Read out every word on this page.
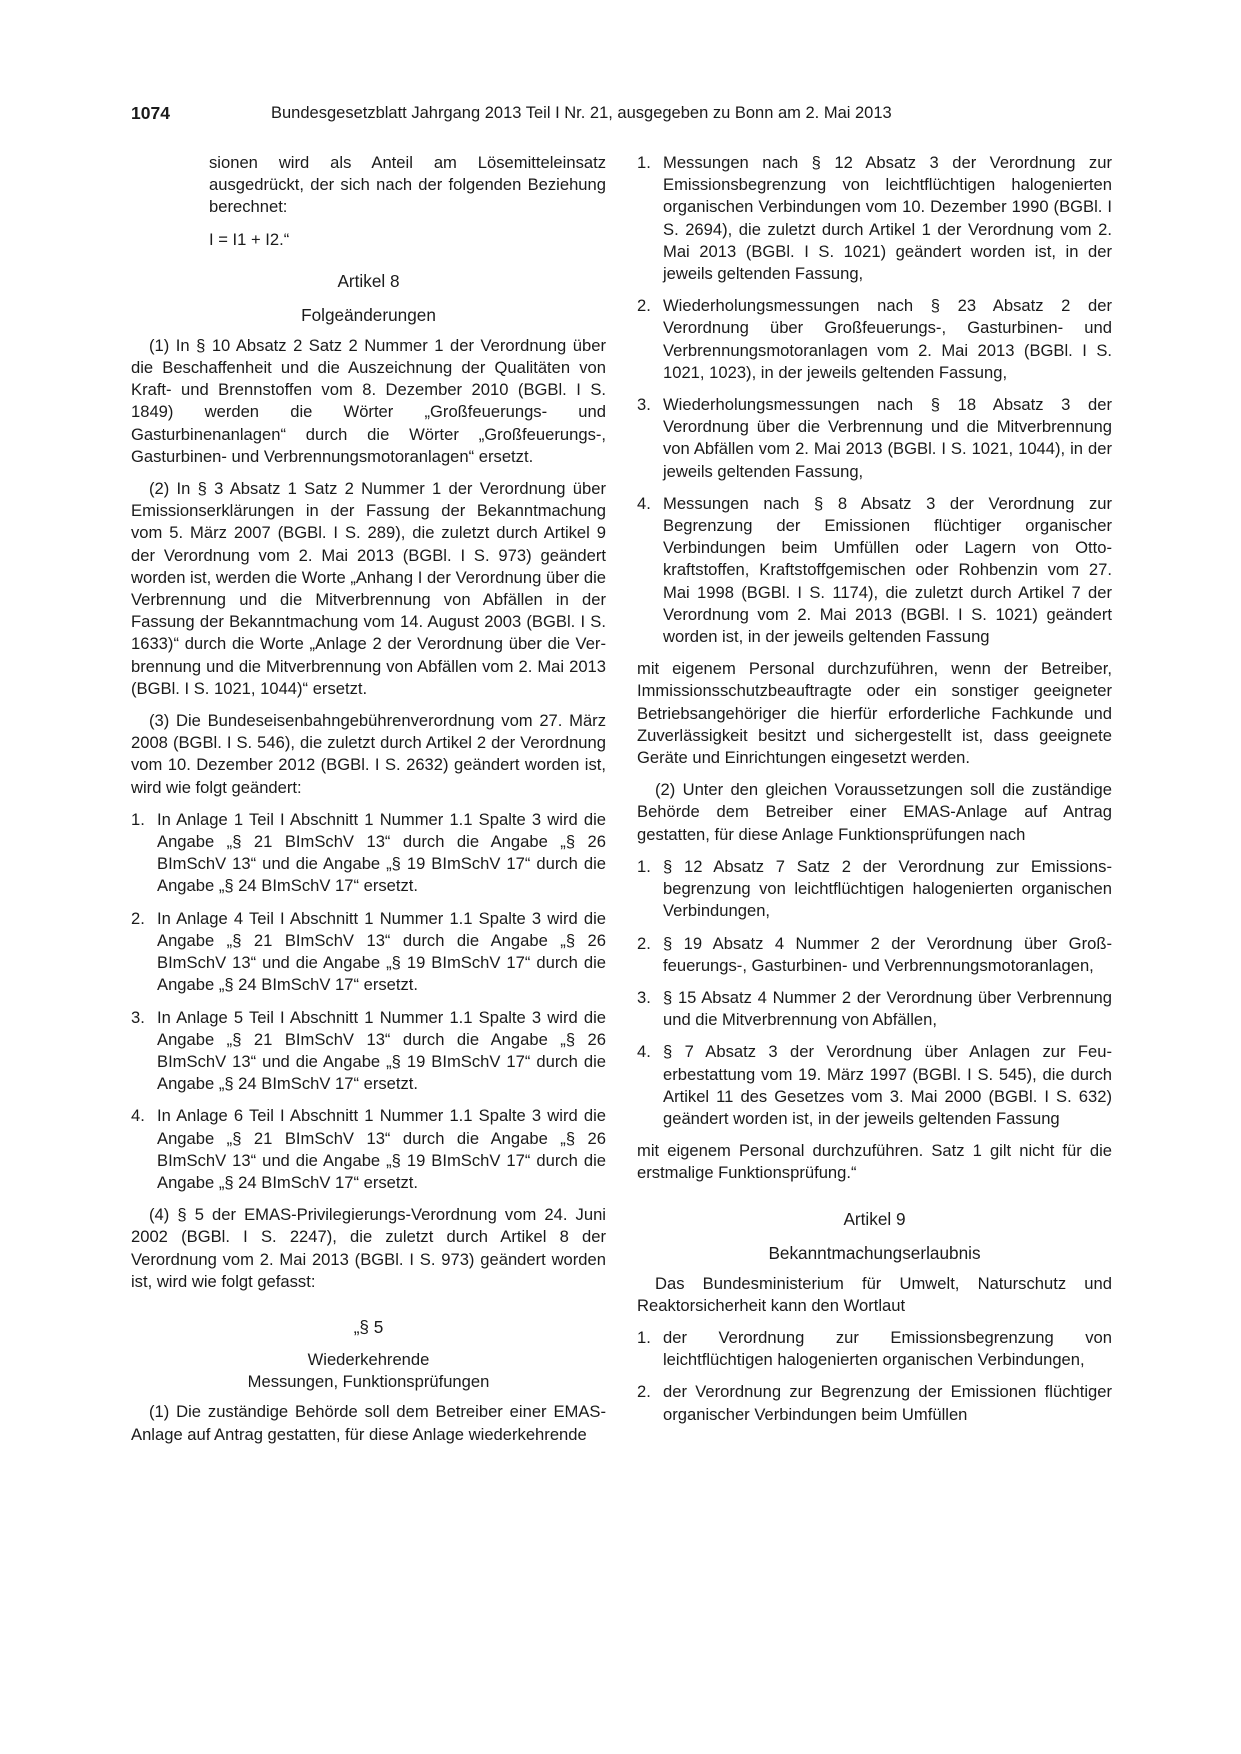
1074	Bundesgesetzblatt Jahrgang 2013 Teil I Nr. 21, ausgegeben zu Bonn am 2. Mai 2013

sionen wird als Anteil am Lösemitteleinsatz ausgedrückt, der sich nach der folgenden Beziehung berechnet:

I = I1 + I2.“

Artikel 8
Folgeänderungen

(1) In § 10 Absatz 2 Satz 2 Nummer 1 der Verordnung über die Beschaffenheit und die Auszeichnung der Qualitäten von Kraft- und Brennstoffen vom 8. Dezember 2010 (BGBl. I S. 1849) werden die Wörter „Großfeuerungs- und Gasturbinenanlagen“ durch die Wörter „Großfeuerungs-, Gasturbinen- und Verbrennungsmotoranlagen“ ersetzt.

(2) In § 3 Absatz 1 Satz 2 Nummer 1 der Verordnung über Emissionserklärungen in der Fassung der Bekanntmachung vom 5. März 2007 (BGBl. I S. 289), die zuletzt durch Artikel 9 der Verordnung vom 2. Mai 2013 (BGBl. I S. 973) geändert worden ist, werden die Worte „Anhang I der Verordnung über die Verbrennung und die Mitverbrennung von Abfällen in der Fassung der Bekanntmachung vom 14. August 2003 (BGBl. I S. 1633)“ durch die Worte „Anlage 2 der Verordnung über die Verbrennung und die Mitverbrennung von Abfällen vom 2. Mai 2013 (BGBl. I S. 1021, 1044)“ ersetzt.

(3) Die Bundeseisenbahngebührenverordnung vom 27. März 2008 (BGBl. I S. 546), die zuletzt durch Artikel 2 der Verordnung vom 10. Dezember 2012 (BGBl. I S. 2632) geändert worden ist, wird wie folgt geändert:

1. In Anlage 1 Teil I Abschnitt 1 Nummer 1.1 Spalte 3 wird die Angabe „§ 21 BImSchV 13“ durch die Angabe „§ 26 BImSchV 13“ und die Angabe „§ 19 BImSchV 17“ durch die Angabe „§ 24 BImSchV 17“ ersetzt.
2. In Anlage 4 Teil I Abschnitt 1 Nummer 1.1 Spalte 3 wird die Angabe „§ 21 BImSchV 13“ durch die Angabe „§ 26 BImSchV 13“ und die Angabe „§ 19 BImSchV 17“ durch die Angabe „§ 24 BImSchV 17“ ersetzt.
3. In Anlage 5 Teil I Abschnitt 1 Nummer 1.1 Spalte 3 wird die Angabe „§ 21 BImSchV 13“ durch die Angabe „§ 26 BImSchV 13“ und die Angabe „§ 19 BImSchV 17“ durch die Angabe „§ 24 BImSchV 17“ ersetzt.
4. In Anlage 6 Teil I Abschnitt 1 Nummer 1.1 Spalte 3 wird die Angabe „§ 21 BImSchV 13“ durch die Angabe „§ 26 BImSchV 13“ und die Angabe „§ 19 BImSchV 17“ durch die Angabe „§ 24 BImSchV 17“ ersetzt.

(4) § 5 der EMAS-Privilegierungs-Verordnung vom 24. Juni 2002 (BGBl. I S. 2247), die zuletzt durch Artikel 8 der Verordnung vom 2. Mai 2013 (BGBl. I S. 973) geändert worden ist, wird wie folgt gefasst:

„§ 5
Wiederkehrende
Messungen, Funktionsprüfungen

(1) Die zuständige Behörde soll dem Betreiber einer EMAS-Anlage auf Antrag gestatten, für diese Anlage wiederkehrende

1. Messungen nach § 12 Absatz 3 der Verordnung zur Emissionsbegrenzung von leichtflüchtigen halogenierten organischen Verbindungen vom 10. Dezember 1990 (BGBl. I S. 2694), die zuletzt durch Artikel 1 der Verordnung vom 2. Mai 2013 (BGBl. I S. 1021) geändert worden ist, in der jeweils geltenden Fassung,
2. Wiederholungsmessungen nach § 23 Absatz 2 der Verordnung über Großfeuerungs-, Gasturbinen- und Verbrennungsmotoranlagen vom 2. Mai 2013 (BGBl. I S. 1021, 1023), in der jeweils geltenden Fassung,
3. Wiederholungsmessungen nach § 18 Absatz 3 der Verordnung über die Verbrennung und die Mitverbrennung von Abfällen vom 2. Mai 2013 (BGBl. I S. 1021, 1044), in der jeweils geltenden Fassung,
4. Messungen nach § 8 Absatz 3 der Verordnung zur Begrenzung der Emissionen flüchtiger organischer Verbindungen beim Umfüllen oder Lagern von Ottokraftstoffen, Kraftstoffgemischen oder Rohbenzin vom 27. Mai 1998 (BGBl. I S. 1174), die zuletzt durch Artikel 7 der Verordnung vom 2. Mai 2013 (BGBl. I S. 1021) geändert worden ist, in der jeweils geltenden Fassung

mit eigenem Personal durchzuführen, wenn der Betreiber, Immissionsschutzbeauftragte oder ein sonstiger geeigneter Betriebsangehöriger die hierfür erforderliche Fachkunde und Zuverlässigkeit besitzt und sichergestellt ist, dass geeignete Geräte und Einrichtungen eingesetzt werden.

(2) Unter den gleichen Voraussetzungen soll die zuständige Behörde dem Betreiber einer EMAS-Anlage auf Antrag gestatten, für diese Anlage Funktionsprüfungen nach

1. § 12 Absatz 7 Satz 2 der Verordnung zur Emissionsbegrenzung von leichtflüchtigen halogenierten organischen Verbindungen,
2. § 19 Absatz 4 Nummer 2 der Verordnung über Großfeuerungs-, Gasturbinen- und Verbrennungsmotoranlagen,
3. § 15 Absatz 4 Nummer 2 der Verordnung über Verbrennung und die Mitverbrennung von Abfällen,
4. § 7 Absatz 3 der Verordnung über Anlagen zur Feuerbestattung vom 19. März 1997 (BGBl. I S. 545), die durch Artikel 11 des Gesetzes vom 3. Mai 2000 (BGBl. I S. 632) geändert worden ist, in der jeweils geltenden Fassung

mit eigenem Personal durchzuführen. Satz 1 gilt nicht für die erstmalige Funktionsprüfung.“

Artikel 9
Bekanntmachungserlaubnis

Das Bundesministerium für Umwelt, Naturschutz und Reaktorsicherheit kann den Wortlaut

1. der Verordnung zur Emissionsbegrenzung von leichtflüchtigen halogenierten organischen Verbindungen,
2. der Verordnung zur Begrenzung der Emissionen flüchtiger organischer Verbindungen beim Umfüllen
